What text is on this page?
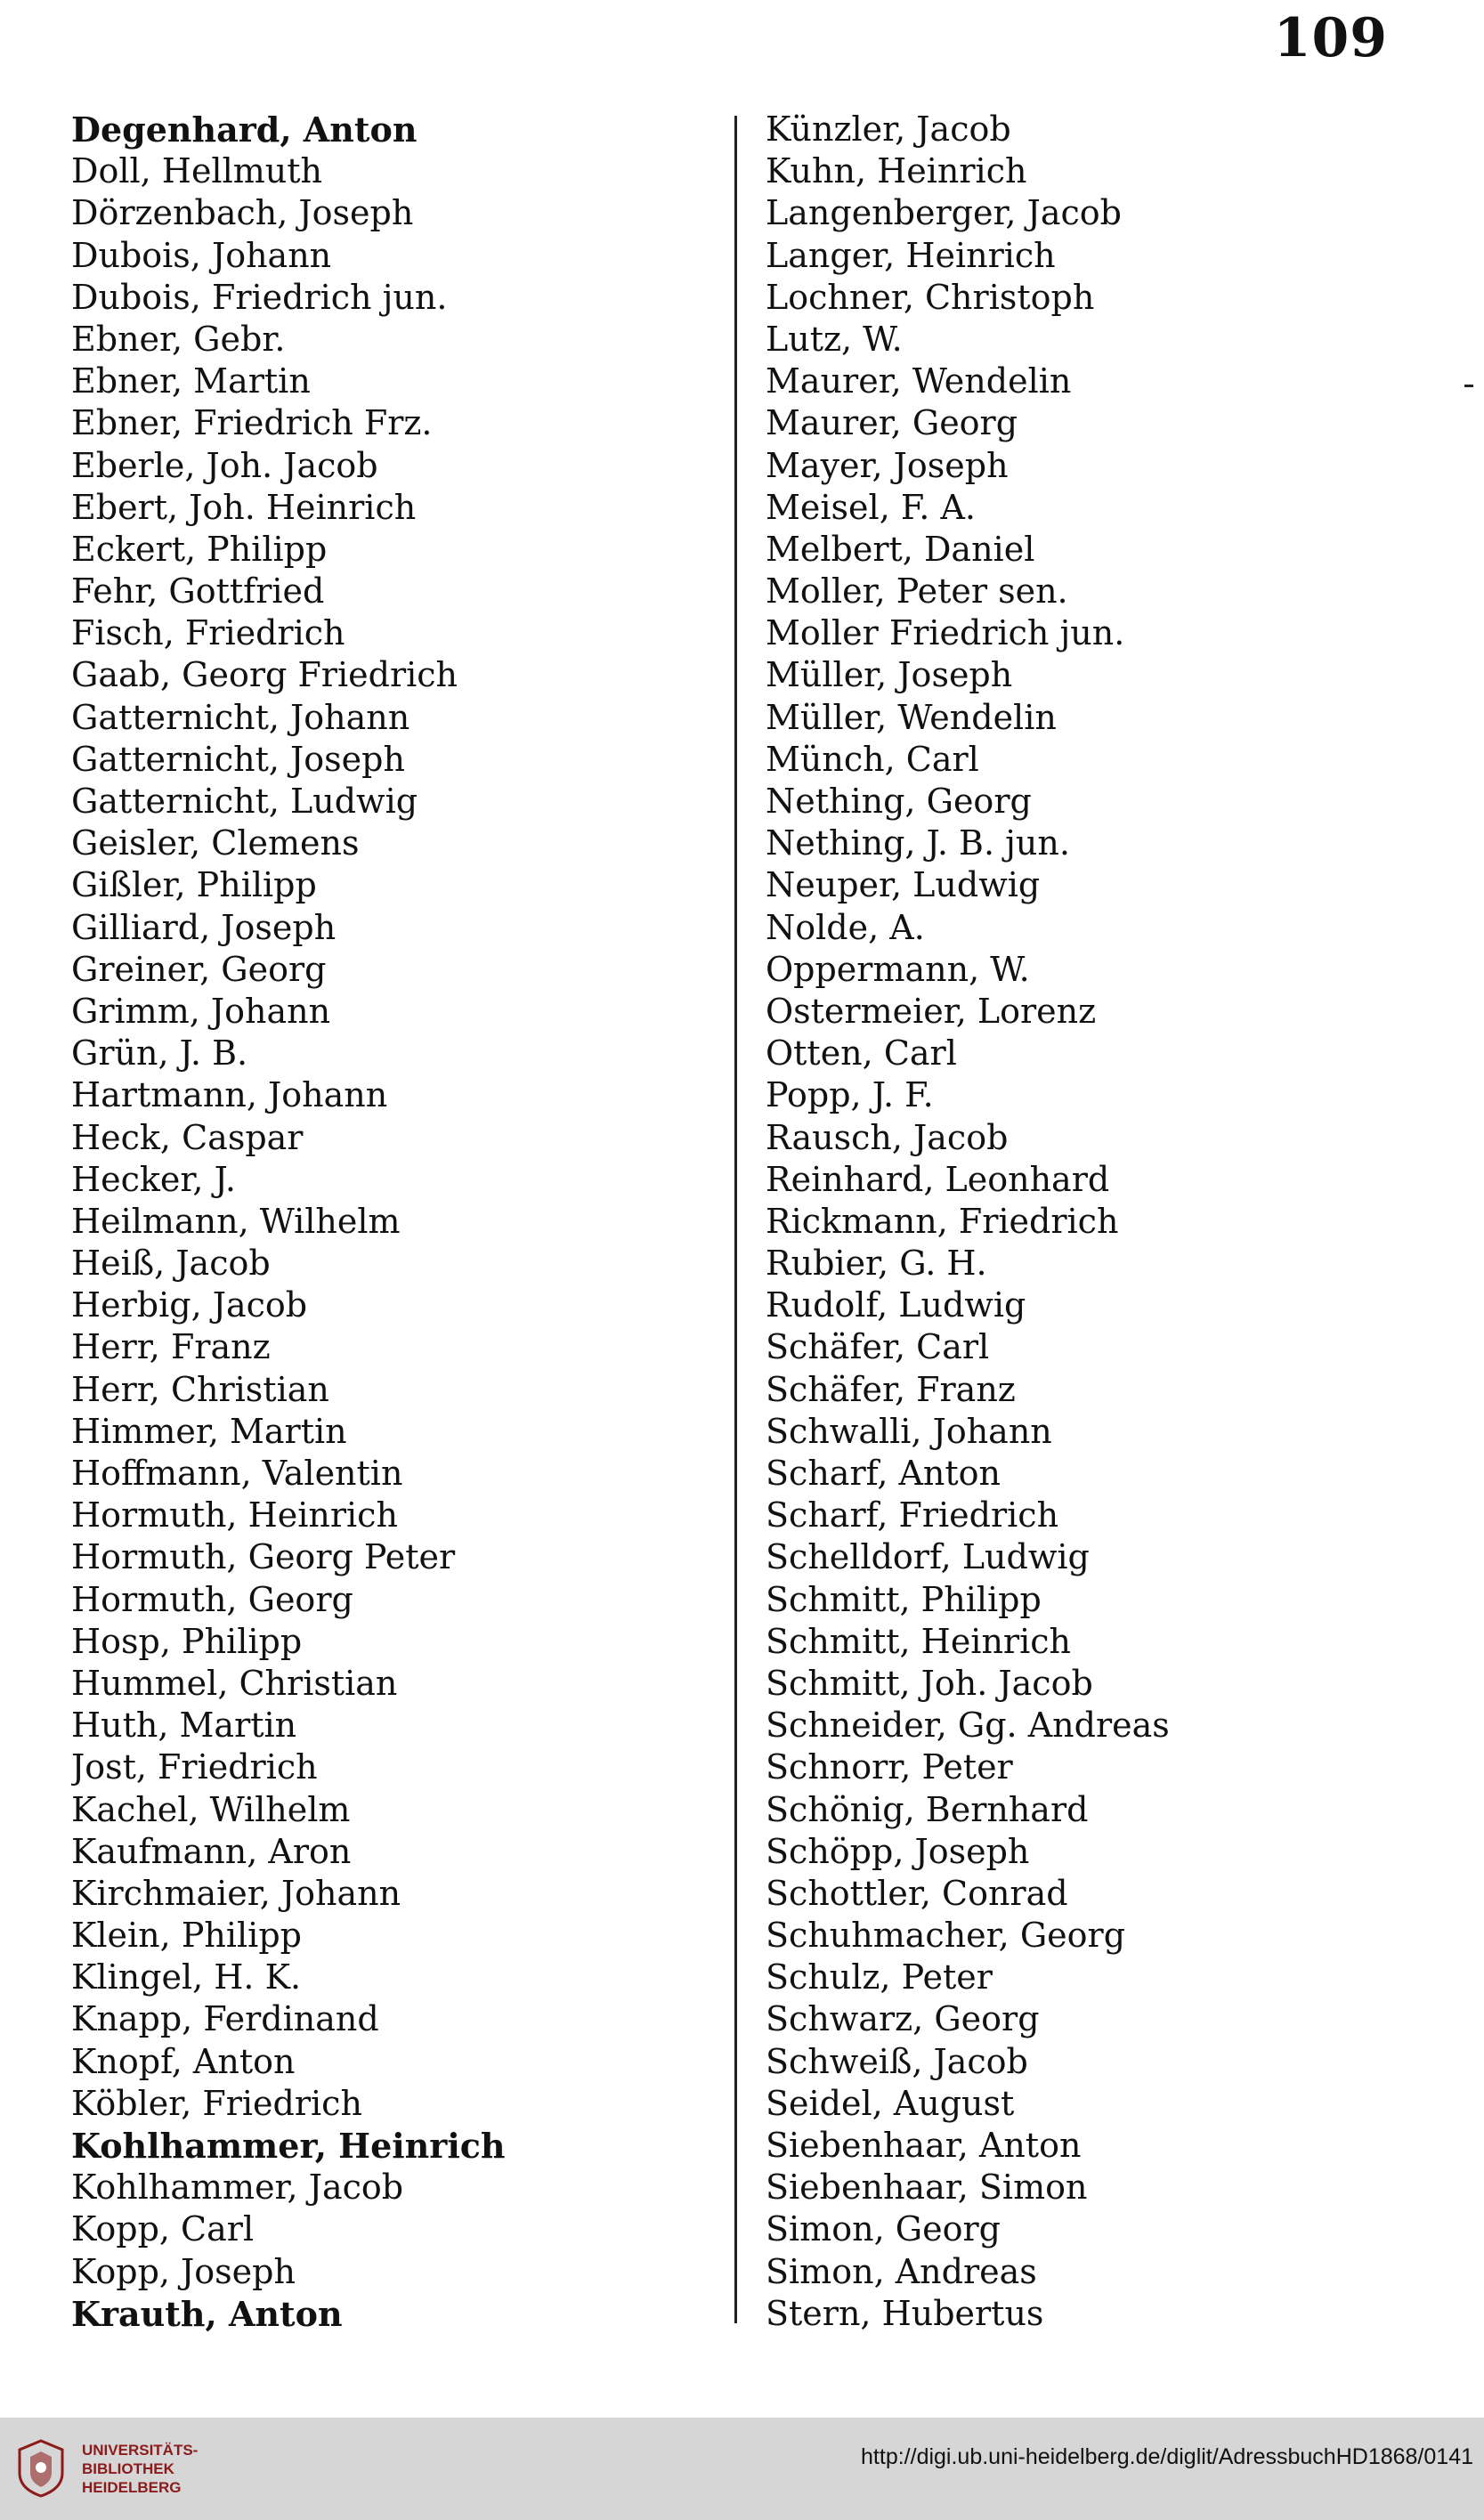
109
Degenhard, Anton
Doll, Hellmuth
Dörzenbach, Joseph
Dubois, Johann
Dubois, Friedrich jun.
Ebner, Gebr.
Ebner, Martin
Ebner, Friedrich Frz.
Eberle, Joh. Jacob
Ebert, Joh. Heinrich
Eckert, Philipp
Fehr, Gottfried
Fisch, Friedrich
Gaab, Georg Friedrich
Gatternicht, Johann
Gatternicht, Joseph
Gatternicht, Ludwig
Geisler, Clemens
Gißler, Philipp
Gilliard, Joseph
Greiner, Georg
Grimm, Johann
Grün, J. B.
Hartmann, Johann
Heck, Caspar
Hecker, J.
Heilmann, Wilhelm
Heiß, Jacob
Herbig, Jacob
Herr, Franz
Herr, Christian
Himmer, Martin
Hoffmann, Valentin
Hormuth, Heinrich
Hormuth, Georg Peter
Hormuth, Georg
Hosp, Philipp
Hummel, Christian
Huth, Martin
Jost, Friedrich
Kachel, Wilhelm
Kaufmann, Aron
Kirchmaier, Johann
Klein, Philipp
Klingel, H. K.
Knapp, Ferdinand
Knopf, Anton
Köbler, Friedrich
Kohlhammer, Heinrich
Kohlhammer, Jacob
Kopp, Carl
Kopp, Joseph
Krauth, Anton
Künzler, Jacob
Kuhn, Heinrich
Langenberger, Jacob
Langer, Heinrich
Lochner, Christoph
Lutz, W.
Maurer, Wendelin
Maurer, Georg
Mayer, Joseph
Meisel, F. A.
Melbert, Daniel
Moller, Peter sen.
Moller Friedrich jun.
Müller, Joseph
Müller, Wendelin
Münch, Carl
Nething, Georg
Nething, J. B. jun.
Neuper, Ludwig
Nolde, A.
Oppermann, W.
Ostermeier, Lorenz
Otten, Carl
Popp, J. F.
Rausch, Jacob
Reinhard, Leonhard
Rickmann, Friedrich
Rubier, G. H.
Rudolf, Ludwig
Schäfer, Carl
Schäfer, Franz
Schwalli, Johann
Scharf, Anton
Scharf, Friedrich
Schelldorf, Ludwig
Schmitt, Philipp
Schmitt, Heinrich
Schmitt, Joh. Jacob
Schneider, Gg. Andreas
Schnorr, Peter
Schönig, Bernhard
Schöpp, Joseph
Schottler, Conrad
Schuhmacher, Georg
Schulz, Peter
Schwarz, Georg
Schweiß, Jacob
Seidel, August
Siebenhaar, Anton
Siebenhaar, Simon
Simon, Georg
Simon, Andreas
Stern, Hubertus
UNIVERSITÄTS-
BIBLIOTHEK
HEIDELBERG
http://digi.ub.uni-heidelberg.de/diglit/AdressbuchHD1868/0141
